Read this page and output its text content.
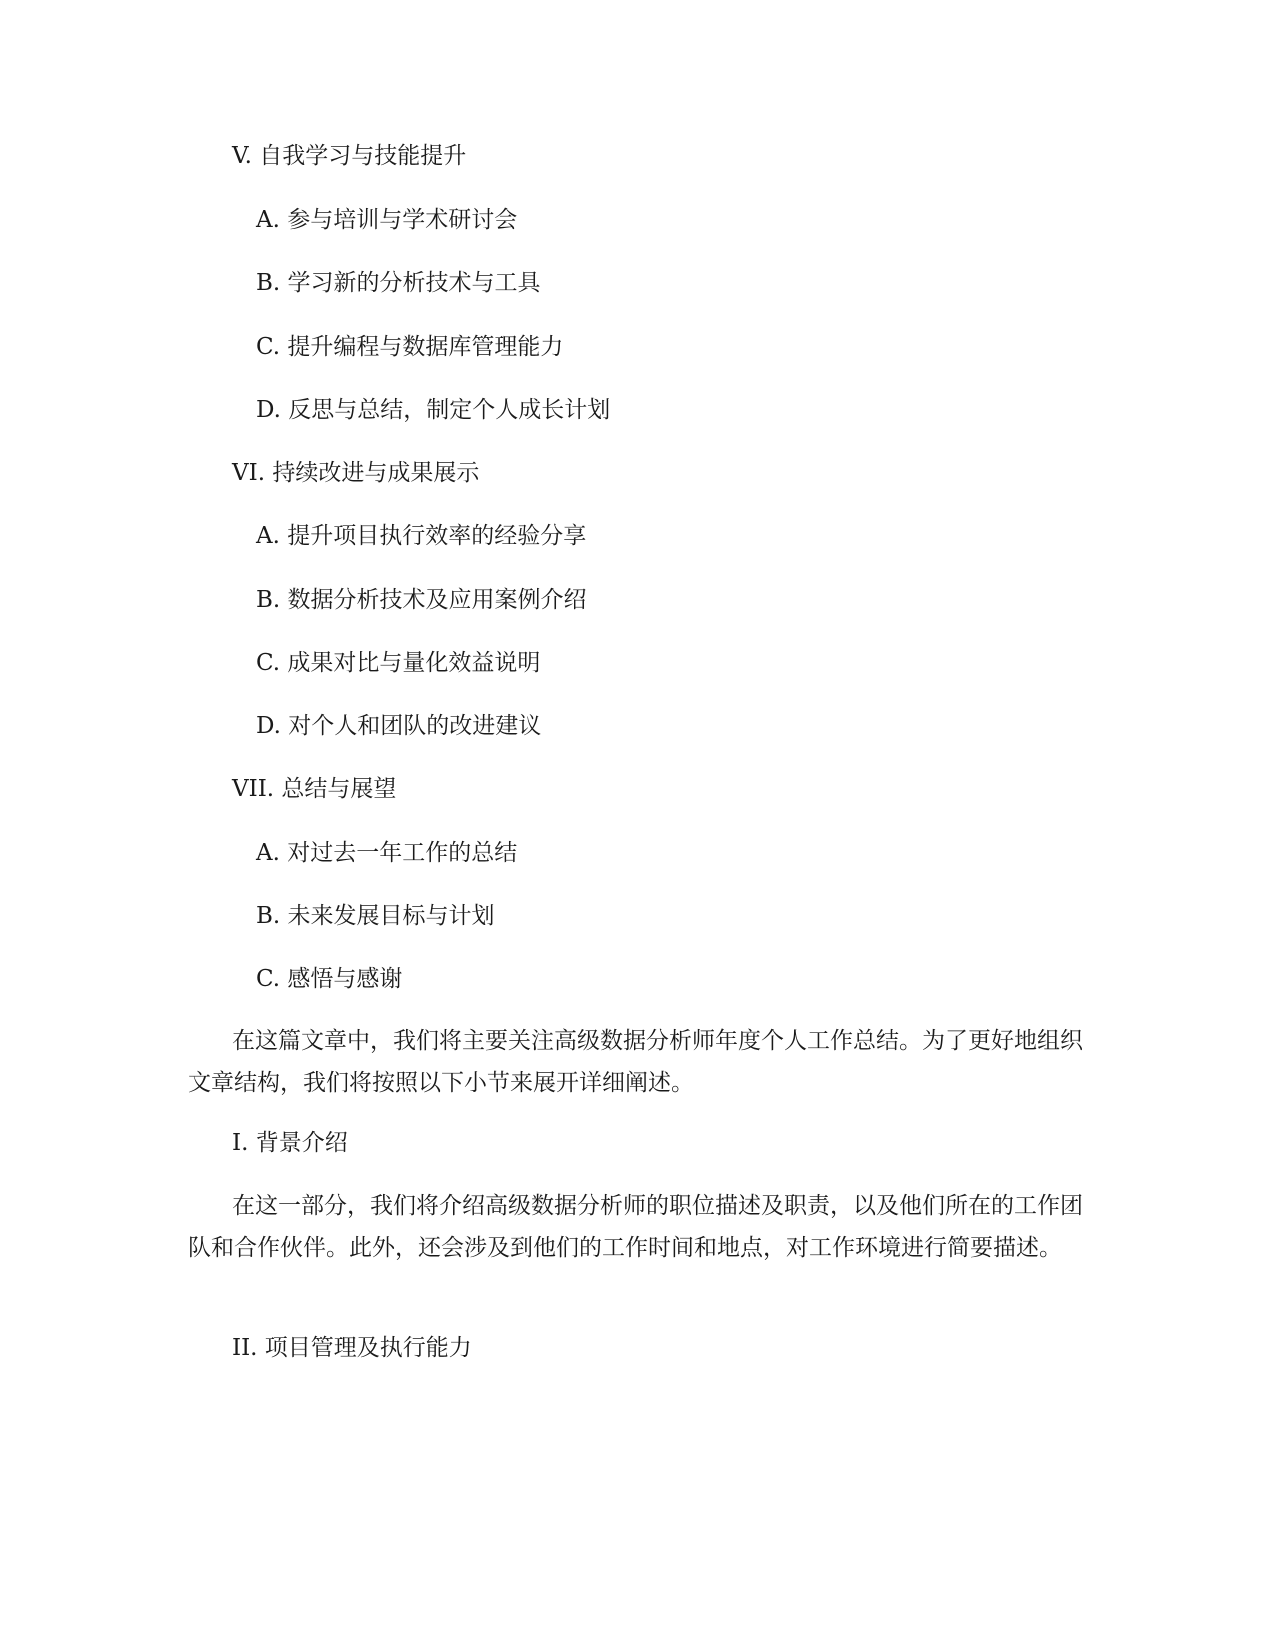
V. 自我学习与技能提升

A. 参与培训与学术研讨会

B. 学习新的分析技术与工具

C. 提升编程与数据库管理能力

D. 反思与总结，制定个人成长计划

VI. 持续改进与成果展示

A. 提升项目执行效率的经验分享

B. 数据分析技术及应用案例介绍

C. 成果对比与量化效益说明

D. 对个人和团队的改进建议

VII. 总结与展望

A. 对过去一年工作的总结

B. 未来发展目标与计划

C. 感悟与感谢

在这篇文章中，我们将主要关注高级数据分析师年度个人工作总结。为了更好地组织文章结构，我们将按照以下小节来展开详细阐述。

I. 背景介绍

在这一部分，我们将介绍高级数据分析师的职位描述及职责，以及他们所在的工作团队和合作伙伴。此外，还会涉及到他们的工作时间和地点，对工作环境进行简要描述。

II. 项目管理及执行能力
